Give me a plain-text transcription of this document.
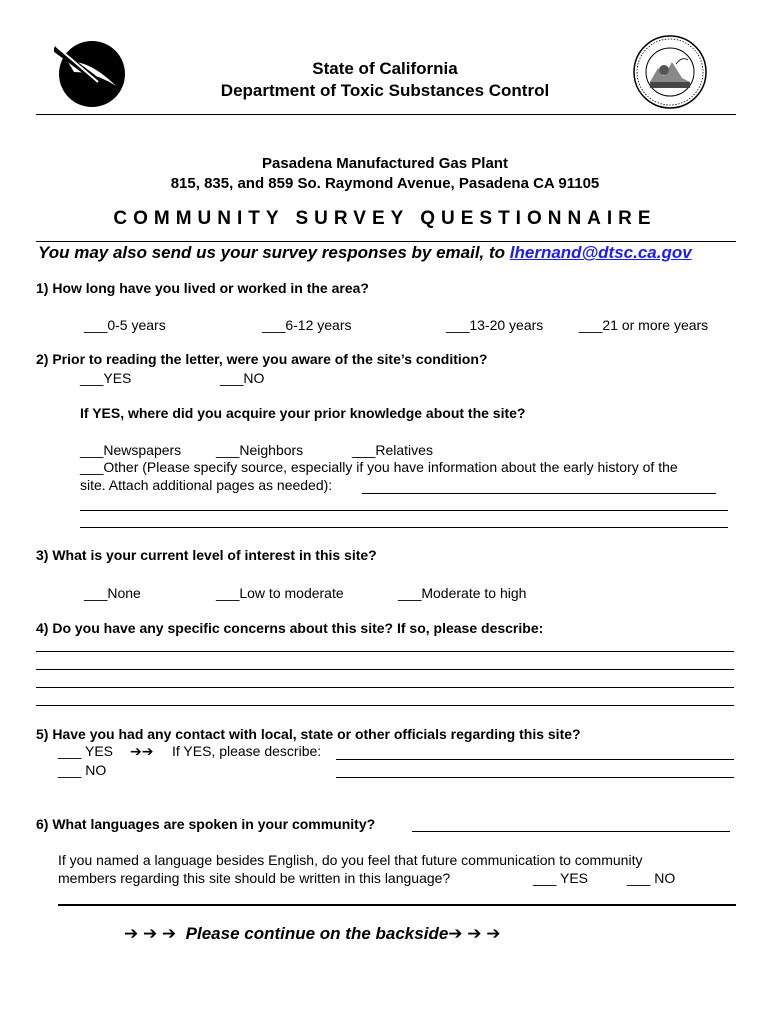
State of California
Department of Toxic Substances Control
Pasadena Manufactured Gas Plant
815, 835, and 859 So. Raymond Avenue, Pasadena CA 91105
COMMUNITY SURVEY QUESTIONNAIRE
You may also send us your survey responses by email, to lhernand@dtsc.ca.gov
1) How long have you lived or worked in the area?
___0-5 years	___6-12 years	___13-20 years	___21 or more years
2) Prior to reading the letter, were you aware of the site’s condition?
___YES	___NO
If YES, where did you acquire your prior knowledge about the site?
___Newspapers ___Neighbors	___Relatives
___Other (Please specify source, especially if you have information about the early history of the
site. Attach additional pages as needed):
3) What is your current level of interest in this site?
___None	___Low to moderate	___Moderate to high
4) Do you have any specific concerns about this site? If so, please describe:
5) Have you had any contact with local, state or other officials regarding this site?
___ YES ➔➔ If YES, please describe:
___ NO
6) What languages are spoken in your community?
If you named a language besides English, do you feel that future communication to community
members regarding this site should be written in this language?	___ YES	___ NO
➔ ➔ ➔ Please continue on the backside➔ ➔ ➔
